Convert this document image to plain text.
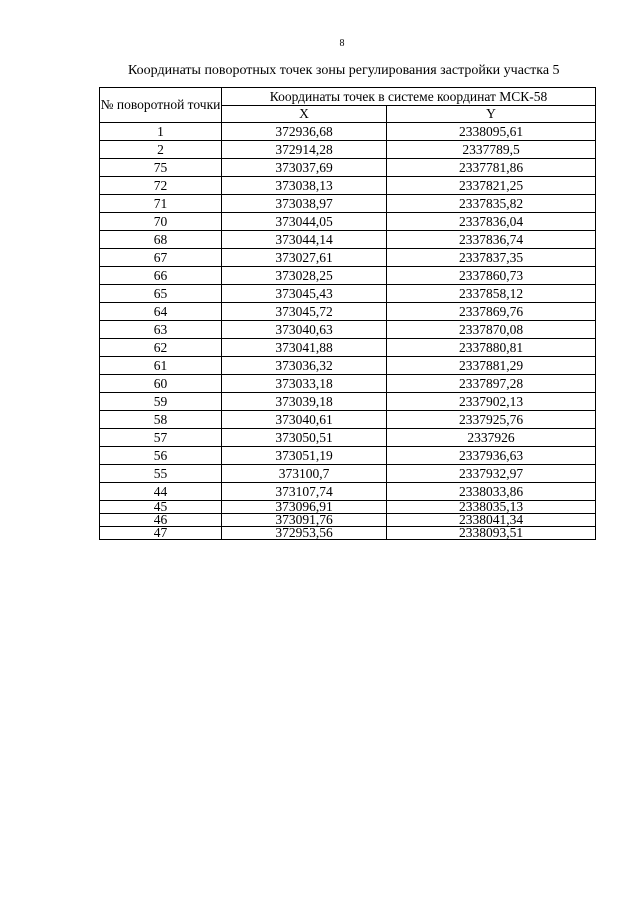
8
Координаты поворотных точек зоны регулирования застройки участка 5
№ поворотной точки	Координаты точек в системе координат МСК-58	
	X	Y
1	372936,68	2338095,61
2	372914,28	2337789,5
75	373037,69	2337781,86
72	373038,13	2337821,25
71	373038,97	2337835,82
70	373044,05	2337836,04
68	373044,14	2337836,74
67	373027,61	2337837,35
66	373028,25	2337860,73
65	373045,43	2337858,12
64	373045,72	2337869,76
63	373040,63	2337870,08
62	373041,88	2337880,81
61	373036,32	2337881,29
60	373033,18	2337897,28
59	373039,18	2337902,13
58	373040,61	2337925,76
57	373050,51	2337926
56	373051,19	2337936,63
55	373100,7	2337932,97
44	373107,74	2338033,86
45	373096,91	2338035,13
46	373091,76	2338041,34
47	372953,56	2338093,51
